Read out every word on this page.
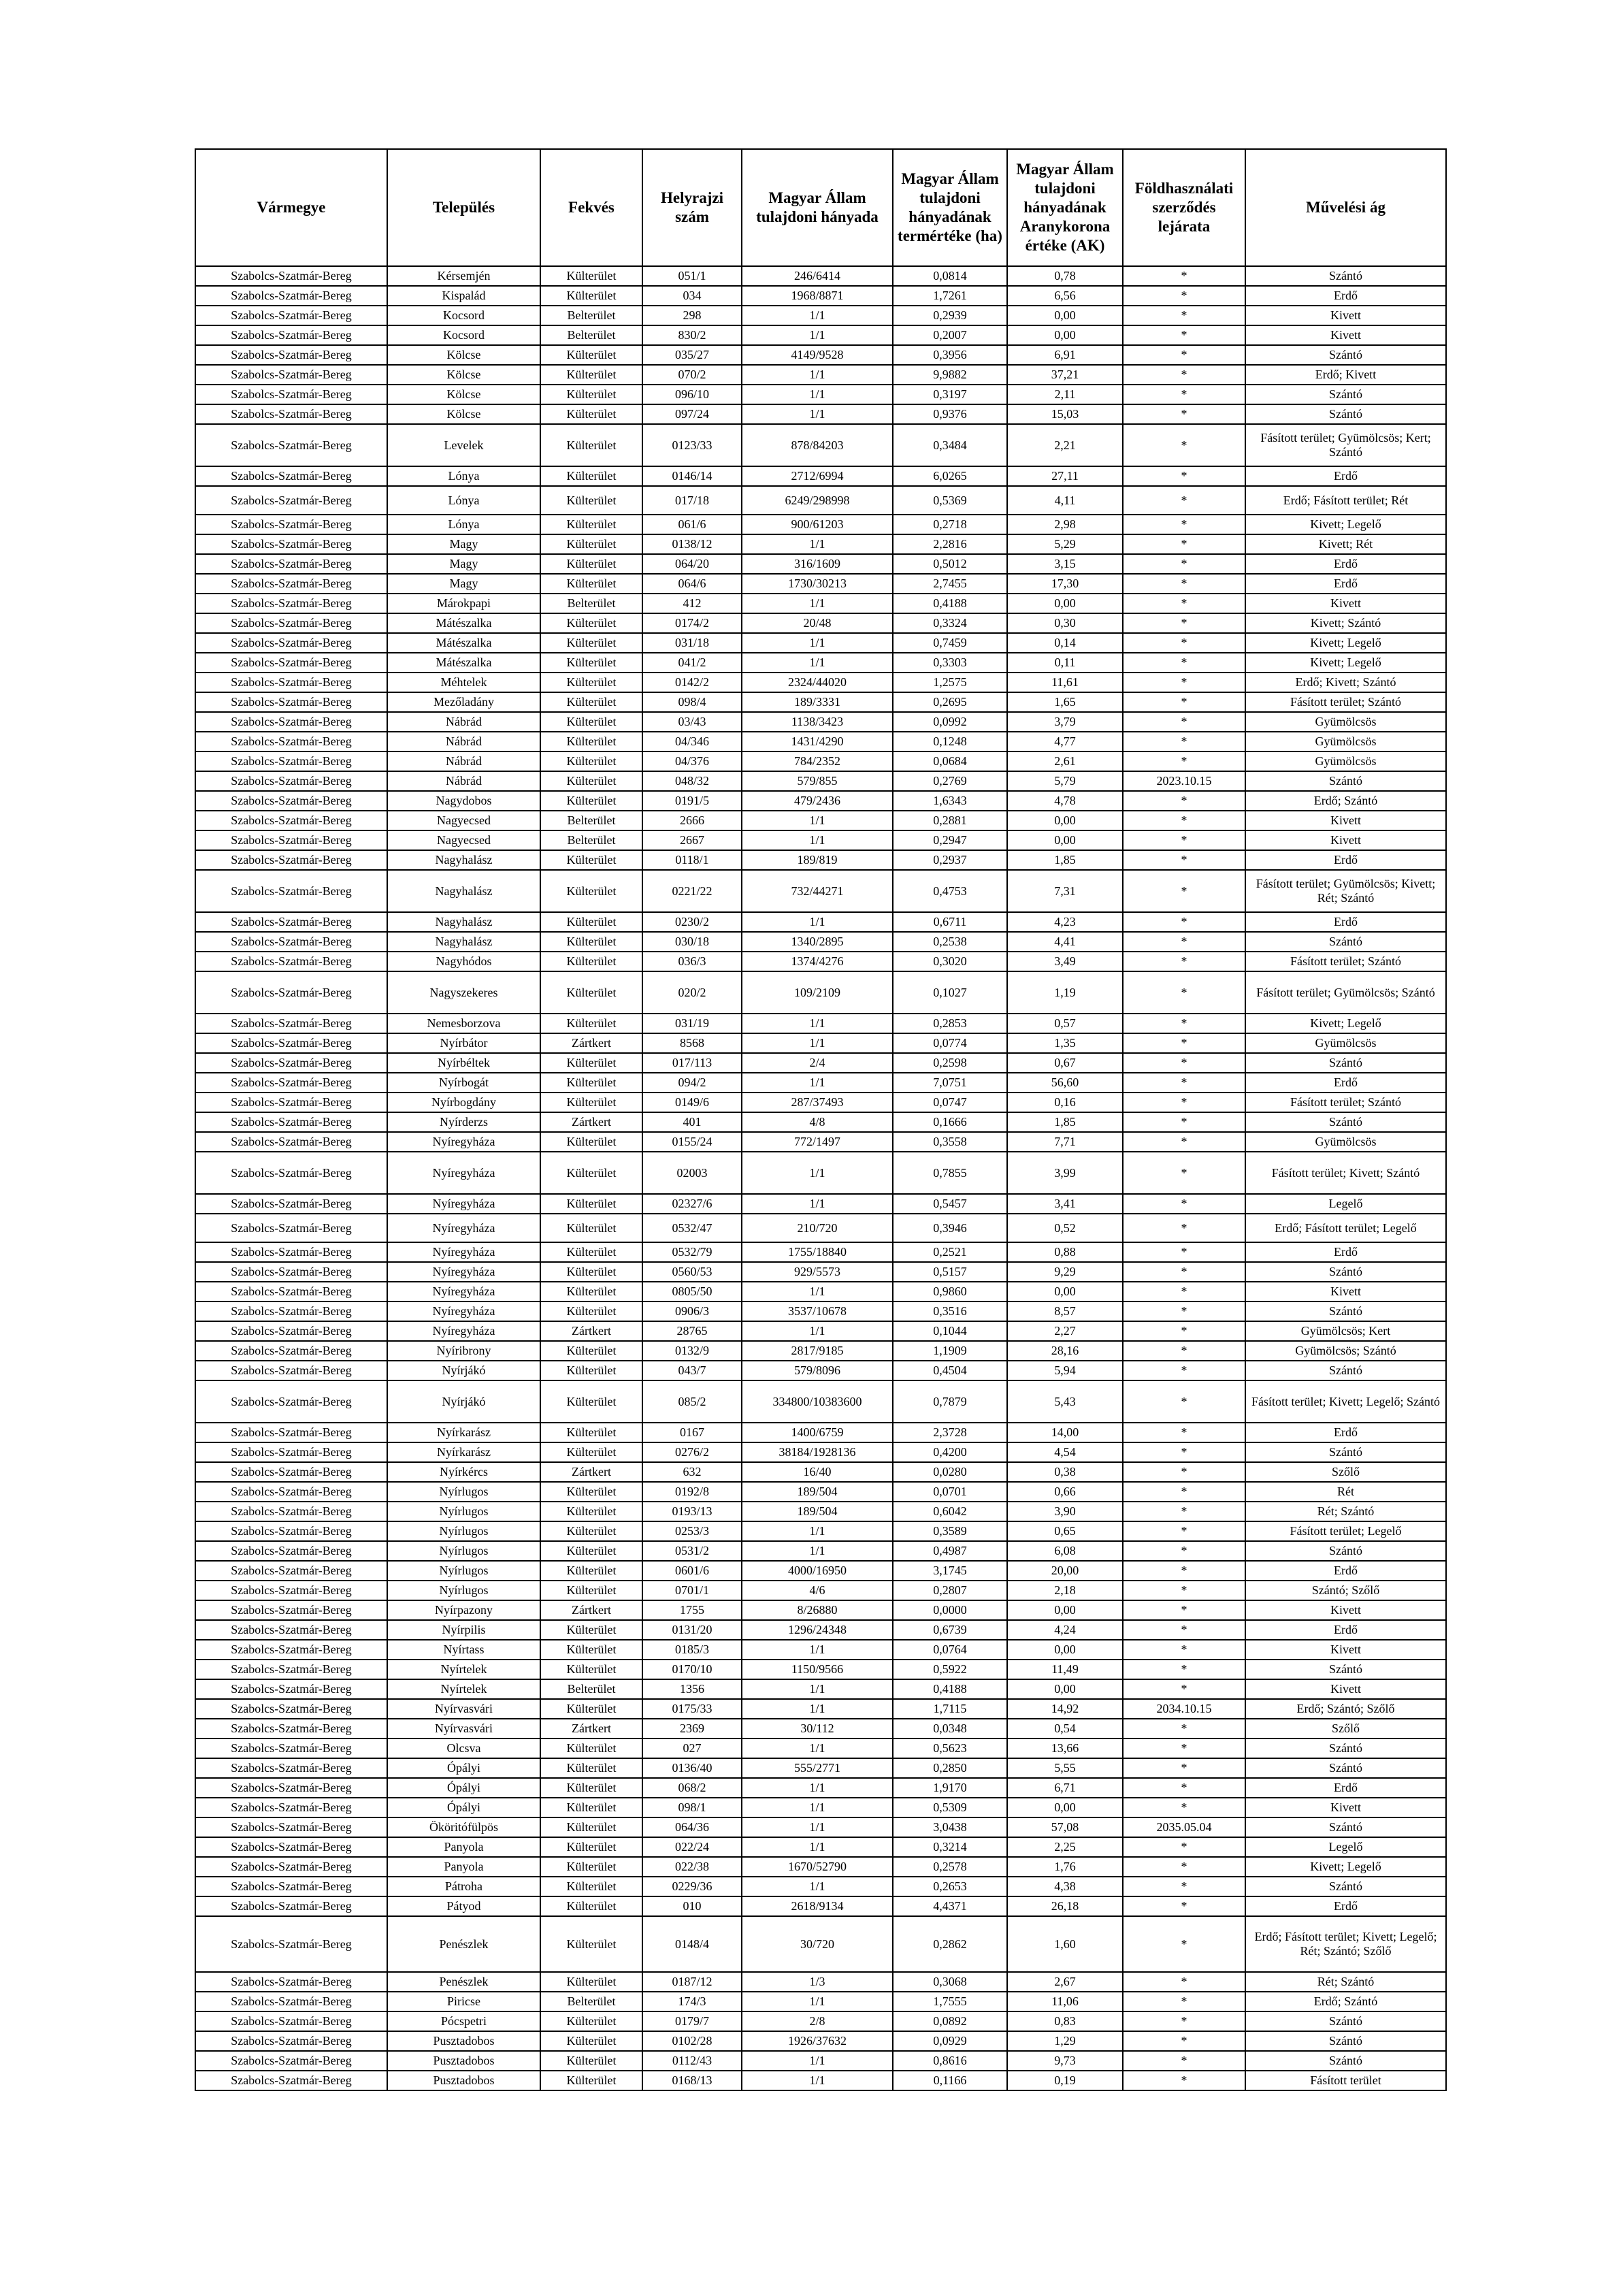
Vármegye	Település	Fekvés	Helyrajzi szám	Magyar Állam tulajdoni hányada	Magyar Állam tulajdoni hányadának termértéke (ha)	Magyar Állam tulajdoni hányadának Aranykorona értéke (AK)	Földhasználati szerződés lejárata	Művelési ág
Szabolcs-Szatmár-Bereg	Kérsemjén	Külterület	051/1	246/6414	0,0814	0,78	*	Szántó
Szabolcs-Szatmár-Bereg	Kispalád	Külterület	034	1968/8871	1,7261	6,56	*	Erdő
Szabolcs-Szatmár-Bereg	Kocsord	Belterület	298	1/1	0,2939	0,00	*	Kivett
Szabolcs-Szatmár-Bereg	Kocsord	Belterület	830/2	1/1	0,2007	0,00	*	Kivett
Szabolcs-Szatmár-Bereg	Kölcse	Külterület	035/27	4149/9528	0,3956	6,91	*	Szántó
Szabolcs-Szatmár-Bereg	Kölcse	Külterület	070/2	1/1	9,9882	37,21	*	Erdő; Kivett
Szabolcs-Szatmár-Bereg	Kölcse	Külterület	096/10	1/1	0,3197	2,11	*	Szántó
Szabolcs-Szatmár-Bereg	Kölcse	Külterület	097/24	1/1	0,9376	15,03	*	Szántó
Szabolcs-Szatmár-Bereg	Levelek	Külterület	0123/33	878/84203	0,3484	2,21	*	Fásított terület; Gyümölcsös; Kert; Szántó
Szabolcs-Szatmár-Bereg	Lónya	Külterület	0146/14	2712/6994	6,0265	27,11	*	Erdő
Szabolcs-Szatmár-Bereg	Lónya	Külterület	017/18	6249/298998	0,5369	4,11	*	Erdő; Fásított terület; Rét
Szabolcs-Szatmár-Bereg	Lónya	Külterület	061/6	900/61203	0,2718	2,98	*	Kivett; Legelő
Szabolcs-Szatmár-Bereg	Magy	Külterület	0138/12	1/1	2,2816	5,29	*	Kivett; Rét
Szabolcs-Szatmár-Bereg	Magy	Külterület	064/20	316/1609	0,5012	3,15	*	Erdő
Szabolcs-Szatmár-Bereg	Magy	Külterület	064/6	1730/30213	2,7455	17,30	*	Erdő
Szabolcs-Szatmár-Bereg	Márokpapi	Belterület	412	1/1	0,4188	0,00	*	Kivett
Szabolcs-Szatmár-Bereg	Mátészalka	Külterület	0174/2	20/48	0,3324	0,30	*	Kivett; Szántó
Szabolcs-Szatmár-Bereg	Mátészalka	Külterület	031/18	1/1	0,7459	0,14	*	Kivett; Legelő
Szabolcs-Szatmár-Bereg	Mátészalka	Külterület	041/2	1/1	0,3303	0,11	*	Kivett; Legelő
Szabolcs-Szatmár-Bereg	Méhtelek	Külterület	0142/2	2324/44020	1,2575	11,61	*	Erdő; Kivett; Szántó
Szabolcs-Szatmár-Bereg	Mezőladány	Külterület	098/4	189/3331	0,2695	1,65	*	Fásított terület; Szántó
Szabolcs-Szatmár-Bereg	Nábrád	Külterület	03/43	1138/3423	0,0992	3,79	*	Gyümölcsös
Szabolcs-Szatmár-Bereg	Nábrád	Külterület	04/346	1431/4290	0,1248	4,77	*	Gyümölcsös
Szabolcs-Szatmár-Bereg	Nábrád	Külterület	04/376	784/2352	0,0684	2,61	*	Gyümölcsös
Szabolcs-Szatmár-Bereg	Nábrád	Külterület	048/32	579/855	0,2769	5,79	2023.10.15	Szántó
Szabolcs-Szatmár-Bereg	Nagydobos	Külterület	0191/5	479/2436	1,6343	4,78	*	Erdő; Szántó
Szabolcs-Szatmár-Bereg	Nagyecsed	Belterület	2666	1/1	0,2881	0,00	*	Kivett
Szabolcs-Szatmár-Bereg	Nagyecsed	Belterület	2667	1/1	0,2947	0,00	*	Kivett
Szabolcs-Szatmár-Bereg	Nagyhalász	Külterület	0118/1	189/819	0,2937	1,85	*	Erdő
Szabolcs-Szatmár-Bereg	Nagyhalász	Külterület	0221/22	732/44271	0,4753	7,31	*	Fásított terület; Gyümölcsös; Kivett; Rét; Szántó
Szabolcs-Szatmár-Bereg	Nagyhalász	Külterület	0230/2	1/1	0,6711	4,23	*	Erdő
Szabolcs-Szatmár-Bereg	Nagyhalász	Külterület	030/18	1340/2895	0,2538	4,41	*	Szántó
Szabolcs-Szatmár-Bereg	Nagyhódos	Külterület	036/3	1374/4276	0,3020	3,49	*	Fásított terület; Szántó
Szabolcs-Szatmár-Bereg	Nagyszekeres	Külterület	020/2	109/2109	0,1027	1,19	*	Fásított terület; Gyümölcsös; Szántó
Szabolcs-Szatmár-Bereg	Nemesborzova	Külterület	031/19	1/1	0,2853	0,57	*	Kivett; Legelő
Szabolcs-Szatmár-Bereg	Nyírbátor	Zártkert	8568	1/1	0,0774	1,35	*	Gyümölcsös
Szabolcs-Szatmár-Bereg	Nyírbéltek	Külterület	017/113	2/4	0,2598	0,67	*	Szántó
Szabolcs-Szatmár-Bereg	Nyírbogát	Külterület	094/2	1/1	7,0751	56,60	*	Erdő
Szabolcs-Szatmár-Bereg	Nyírbogdány	Külterület	0149/6	287/37493	0,0747	0,16	*	Fásított terület; Szántó
Szabolcs-Szatmár-Bereg	Nyírderzs	Zártkert	401	4/8	0,1666	1,85	*	Szántó
Szabolcs-Szatmár-Bereg	Nyíregyháza	Külterület	0155/24	772/1497	0,3558	7,71	*	Gyümölcsös
Szabolcs-Szatmár-Bereg	Nyíregyháza	Külterület	02003	1/1	0,7855	3,99	*	Fásított terület; Kivett; Szántó
Szabolcs-Szatmár-Bereg	Nyíregyháza	Külterület	02327/6	1/1	0,5457	3,41	*	Legelő
Szabolcs-Szatmár-Bereg	Nyíregyháza	Külterület	0532/47	210/720	0,3946	0,52	*	Erdő; Fásított terület; Legelő
Szabolcs-Szatmár-Bereg	Nyíregyháza	Külterület	0532/79	1755/18840	0,2521	0,88	*	Erdő
Szabolcs-Szatmár-Bereg	Nyíregyháza	Külterület	0560/53	929/5573	0,5157	9,29	*	Szántó
Szabolcs-Szatmár-Bereg	Nyíregyháza	Külterület	0805/50	1/1	0,9860	0,00	*	Kivett
Szabolcs-Szatmár-Bereg	Nyíregyháza	Külterület	0906/3	3537/10678	0,3516	8,57	*	Szántó
Szabolcs-Szatmár-Bereg	Nyíregyháza	Zártkert	28765	1/1	0,1044	2,27	*	Gyümölcsös; Kert
Szabolcs-Szatmár-Bereg	Nyíribrony	Külterület	0132/9	2817/9185	1,1909	28,16	*	Gyümölcsös; Szántó
Szabolcs-Szatmár-Bereg	Nyírjákó	Külterület	043/7	579/8096	0,4504	5,94	*	Szántó
Szabolcs-Szatmár-Bereg	Nyírjákó	Külterület	085/2	334800/10383600	0,7879	5,43	*	Fásított terület; Kivett; Legelő; Szántó
Szabolcs-Szatmár-Bereg	Nyírkarász	Külterület	0167	1400/6759	2,3728	14,00	*	Erdő
Szabolcs-Szatmár-Bereg	Nyírkarász	Külterület	0276/2	38184/1928136	0,4200	4,54	*	Szántó
Szabolcs-Szatmár-Bereg	Nyírkércs	Zártkert	632	16/40	0,0280	0,38	*	Szőlő
Szabolcs-Szatmár-Bereg	Nyírlugos	Külterület	0192/8	189/504	0,0701	0,66	*	Rét
Szabolcs-Szatmár-Bereg	Nyírlugos	Külterület	0193/13	189/504	0,6042	3,90	*	Rét; Szántó
Szabolcs-Szatmár-Bereg	Nyírlugos	Külterület	0253/3	1/1	0,3589	0,65	*	Fásított terület; Legelő
Szabolcs-Szatmár-Bereg	Nyírlugos	Külterület	0531/2	1/1	0,4987	6,08	*	Szántó
Szabolcs-Szatmár-Bereg	Nyírlugos	Külterület	0601/6	4000/16950	3,1745	20,00	*	Erdő
Szabolcs-Szatmár-Bereg	Nyírlugos	Külterület	0701/1	4/6	0,2807	2,18	*	Szántó; Szőlő
Szabolcs-Szatmár-Bereg	Nyírpazony	Zártkert	1755	8/26880	0,0000	0,00	*	Kivett
Szabolcs-Szatmár-Bereg	Nyírpilis	Külterület	0131/20	1296/24348	0,6739	4,24	*	Erdő
Szabolcs-Szatmár-Bereg	Nyírtass	Külterület	0185/3	1/1	0,0764	0,00	*	Kivett
Szabolcs-Szatmár-Bereg	Nyírtelek	Külterület	0170/10	1150/9566	0,5922	11,49	*	Szántó
Szabolcs-Szatmár-Bereg	Nyírtelek	Belterület	1356	1/1	0,4188	0,00	*	Kivett
Szabolcs-Szatmár-Bereg	Nyírvasvári	Külterület	0175/33	1/1	1,7115	14,92	2034.10.15	Erdő; Szántó; Szőlő
Szabolcs-Szatmár-Bereg	Nyírvasvári	Zártkert	2369	30/112	0,0348	0,54	*	Szőlő
Szabolcs-Szatmár-Bereg	Olcsva	Külterület	027	1/1	0,5623	13,66	*	Szántó
Szabolcs-Szatmár-Bereg	Ópályi	Külterület	0136/40	555/2771	0,2850	5,55	*	Szántó
Szabolcs-Szatmár-Bereg	Ópályi	Külterület	068/2	1/1	1,9170	6,71	*	Erdő
Szabolcs-Szatmár-Bereg	Ópályi	Külterület	098/1	1/1	0,5309	0,00	*	Kivett
Szabolcs-Szatmár-Bereg	Ököritófülpös	Külterület	064/36	1/1	3,0438	57,08	2035.05.04	Szántó
Szabolcs-Szatmár-Bereg	Panyola	Külterület	022/24	1/1	0,3214	2,25	*	Legelő
Szabolcs-Szatmár-Bereg	Panyola	Külterület	022/38	1670/52790	0,2578	1,76	*	Kivett; Legelő
Szabolcs-Szatmár-Bereg	Pátroha	Külterület	0229/36	1/1	0,2653	4,38	*	Szántó
Szabolcs-Szatmár-Bereg	Pátyod	Külterület	010	2618/9134	4,4371	26,18	*	Erdő
Szabolcs-Szatmár-Bereg	Penészlek	Külterület	0148/4	30/720	0,2862	1,60	*	Erdő; Fásított terület; Kivett; Legelő; Rét; Szántó; Szőlő
Szabolcs-Szatmár-Bereg	Penészlek	Külterület	0187/12	1/3	0,3068	2,67	*	Rét; Szántó
Szabolcs-Szatmár-Bereg	Piricse	Belterület	174/3	1/1	1,7555	11,06	*	Erdő; Szántó
Szabolcs-Szatmár-Bereg	Pócspetri	Külterület	0179/7	2/8	0,0892	0,83	*	Szántó
Szabolcs-Szatmár-Bereg	Pusztadobos	Külterület	0102/28	1926/37632	0,0929	1,29	*	Szántó
Szabolcs-Szatmár-Bereg	Pusztadobos	Külterület	0112/43	1/1	0,8616	9,73	*	Szántó
Szabolcs-Szatmár-Bereg	Pusztadobos	Külterület	0168/13	1/1	0,1166	0,19	*	Fásított terület
